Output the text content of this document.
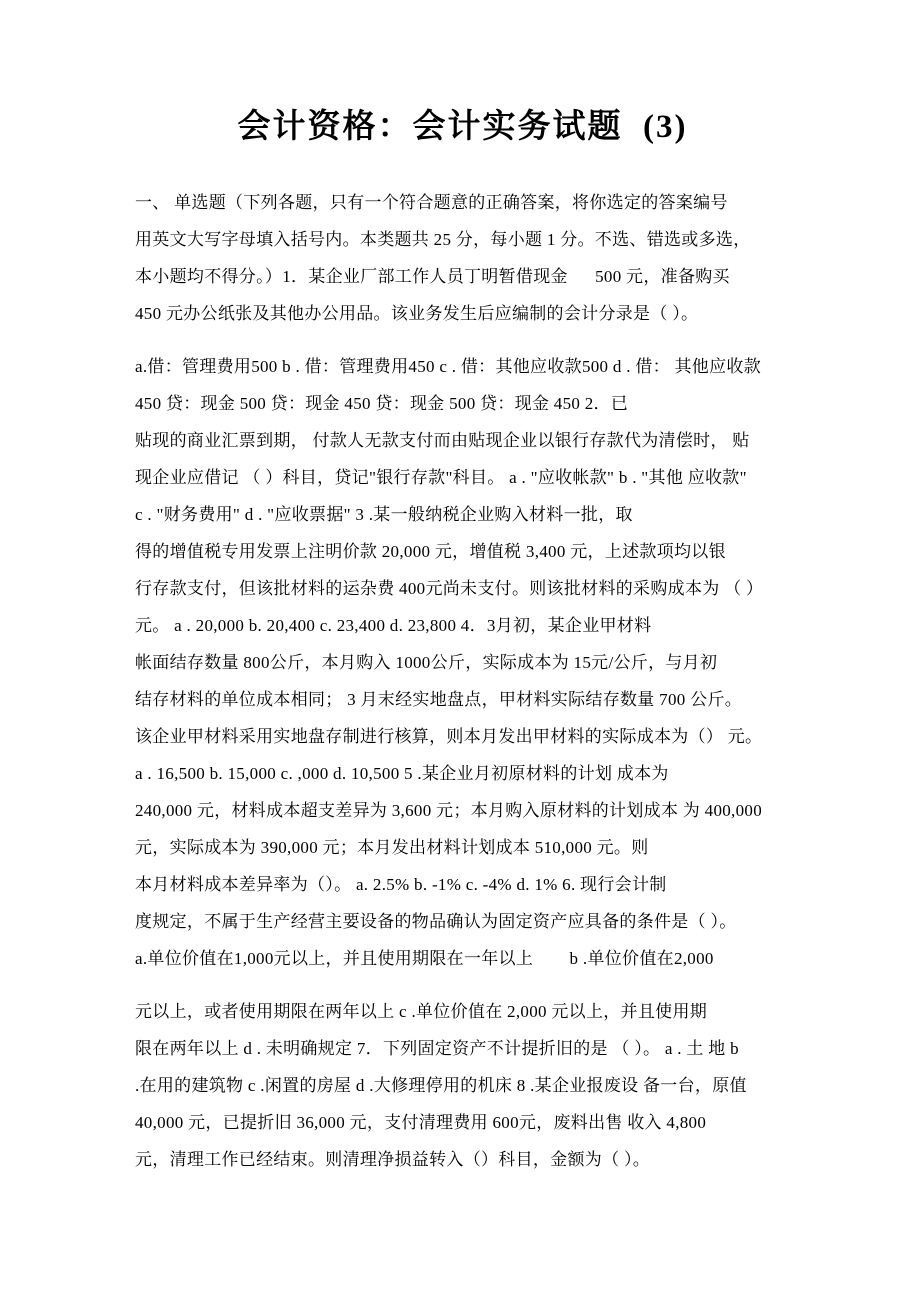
会计资格：会计实务试题  (3)
一、 单选题（下列各题，只有一个符合题意的正确答案，将你选定的答案编号
用英文大写字母填入括号内。本类题共 25 分，每小题 1 分。不选、错选或多选，
本小题均不得分。）1．某企业厂部工作人员丁明暂借现金      500 元，准备购买
450 元办公纸张及其他办公用品。该业务发生后应编制的会计分录是（ ）。
a.借：管理费用500 b . 借：管理费用450 c . 借：其他应收款500 d . 借： 其他应收款
450 贷：现金 500 贷：现金 450 贷：现金 500 贷：现金 450 2．已
贴现的商业汇票到期， 付款人无款支付而由贴现企业以银行存款代为清偿时， 贴
现企业应借记 （ ）科目，贷记"银行存款"科目。 a . "应收帐款" b . "其他 应收款"
c . "财务费用" d . "应收票据" 3 .某一般纳税企业购入材料一批，取
得的增值税专用发票上注明价款 20,000 元，增值税 3,400 元，上述款项均以银
行存款支付，但该批材料的运杂费 400元尚未支付。则该批材料的采购成本为 （ ）
元。 a . 20,000 b. 20,400 c. 23,400 d. 23,800 4．3月初，某企业甲材料
帐面结存数量 800公斤，本月购入 1000公斤，实际成本为 15元/公斤，与月初
结存材料的单位成本相同； 3 月末经实地盘点，甲材料实际结存数量 700 公斤。
该企业甲材料采用实地盘存制进行核算，则本月发出甲材料的实际成本为（） 元。
a . 16,500 b. 15,000 c. ,000 d. 10,500 5 .某企业月初原材料的计划 成本为
240,000 元，材料成本超支差异为 3,600 元；本月购入原材料的计划成本 为 400,000
元，实际成本为 390,000 元；本月发出材料计划成本 510,000 元。则
本月材料成本差异率为（）。 a. 2.5% b. -1% c. -4% d. 1% 6. 现行会计制
度规定，不属于生产经营主要设备的物品确认为固定资产应具备的条件是（ ）。
a.单位价值在1,000元以上，并且使用期限在一年以上        b .单位价值在2,000
元以上，或者使用期限在两年以上 c .单位价值在 2,000 元以上，并且使用期
限在两年以上 d . 未明确规定 7．下列固定资产不计提折旧的是 （ ）。 a . 土 地 b
.在用的建筑物 c .闲置的房屋 d .大修理停用的机床 8 .某企业报废设 备一台，原值
40,000 元，已提折旧 36,000 元，支付清理费用 600元，废料出售 收入 4,800
元，清理工作已经结束。则清理净损益转入（）科目，金额为（ ）。
